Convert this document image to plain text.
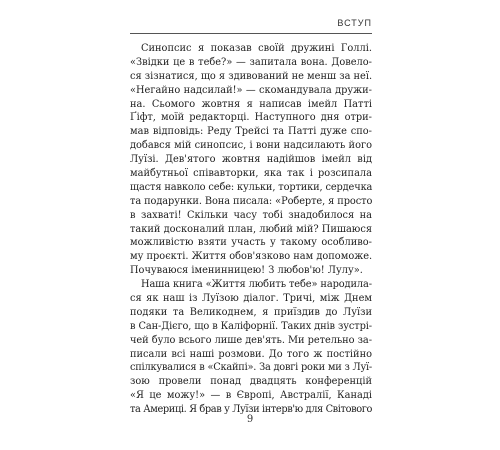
ВСТУП
Синопсис я показав своїй дружині Голлі.
«Звідки це в тебе?» — запитала вона. Довело-
ся зізнатися, що я здивований не менш за неї.
«Негайно надсилай!» — скомандувала дружи-
на. Сьомого жовтня я написав імейл Патті
Ґіфт, моїй редакторці. Наступного дня отри-
мав відповідь: Реду Трейсі та Патті дуже спо-
добався мій синопсис, і вони надсилають його
Луїзі. Дев'ятого жовтня надійшов імейл від
майбутньої співавторки, яка так і розсипала
щастя навколо себе: кульки, тортики, сердечка
та подарунки. Вона писала: «Роберте, я просто
в захваті! Скільки часу тобі знадобилося на
такий досконалий план, любий мій? Пишаюся
можливістю взяти участь у такому особливо-
му проєкті. Життя обов'язково нам допоможе.
Почуваюся іменинницею! З любов'ю! Лулу».
Наша книга «Життя любить тебе» народила-
ся як наш із Луїзою діалог. Тричі, між Днем
подяки та Великоднем, я приїздив до Луїзи
в Сан-Дієго, що в Каліфорнії. Таких днів зустрі-
чей було всього лише дев'ять. Ми ретельно за-
писали всі наші розмови. До того ж постійно
спілкувалися в «Скайпі». За довгі роки ми з Луї-
зою провели понад двадцять конференцій
«Я це можу!» — в Європі, Австралії, Канаді
та Америці. Я брав у Луїзи інтерв'ю для Світового
9
